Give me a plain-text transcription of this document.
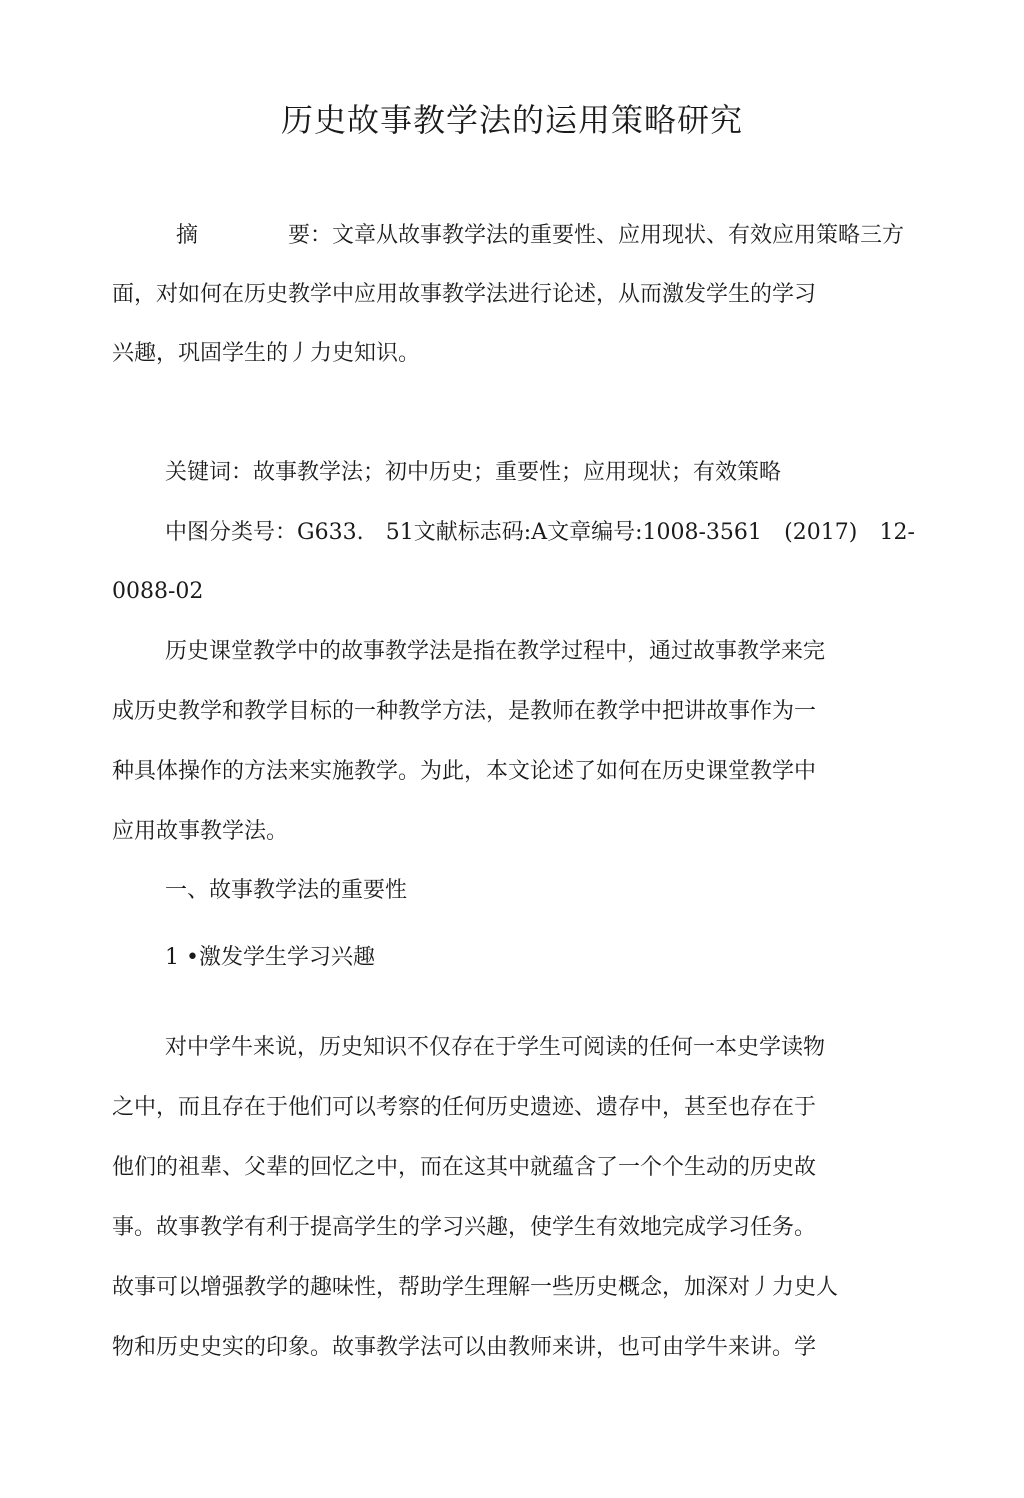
历史故事教学法的运用策略研究
摘	要：文章从故事教学法的重要性、应用现状、有效应用策略三方
面，对如何在历史教学中应用故事教学法进行论述，从而激发学生的学习
兴趣，巩固学生的丿力史知识。
关键词：故事教学法；初中历史；重要性；应用现状；有效策略
中图分类号：G633. 51文献标志码:A文章编号:1008-3561 (2017) 12-
0088-02
历史课堂教学中的故事教学法是指在教学过程中，通过故事教学来完
成历史教学和教学目标的一种教学方法，是教师在教学中把讲故事作为一
种具体操作的方法来实施教学。为此，本文论述了如何在历史课堂教学中
应用故事教学法。
一、故事教学法的重要性
1 •激发学生学习兴趣
对中学牛来说，历史知识不仅存在于学生可阅读的任何一本史学读物
之中，而且存在于他们可以考察的任何历史遗迹、遗存中，甚至也存在于
他们的祖辈、父辈的回忆之中，而在这其中就蕴含了一个个生动的历史故
事。故事教学有利于提高学生的学习兴趣，使学生有效地完成学习任务。
故事可以增强教学的趣味性，帮助学生理解一些历史概念，加深对丿力史人
物和历史史实的印象。故事教学法可以由教师来讲，也可由学牛来讲。学
